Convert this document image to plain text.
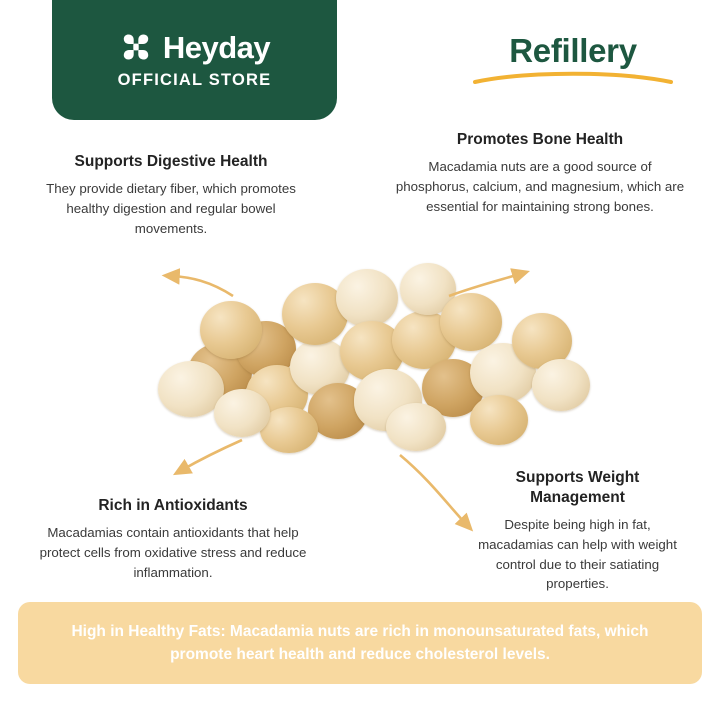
Heyday
OFFICIAL STORE
Refillery
Supports Digestive Health
They provide dietary fiber, which promotes healthy digestion and regular bowel movements.
Promotes Bone Health
Macadamia nuts are a good source of phosphorus, calcium, and magnesium, which are essential for maintaining strong bones.
Rich in Antioxidants
Macadamias contain antioxidants that help protect cells from oxidative stress and reduce inflammation.
Supports Weight Management
Despite being high in fat, macadamias can help with weight control due to their satiating properties.
High in Healthy Fats: Macadamia nuts are rich in monounsaturated fats, which promote heart health and reduce cholesterol levels.
